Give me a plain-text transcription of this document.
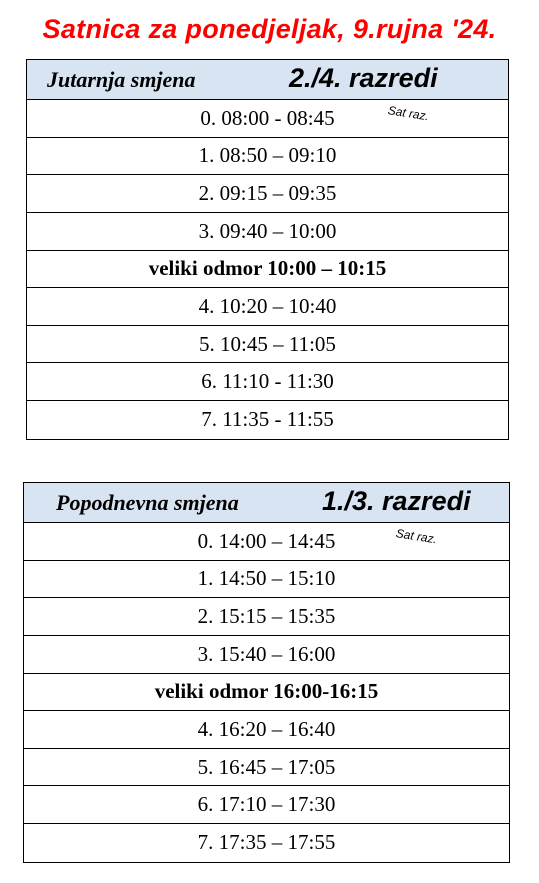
Satnica za ponedjeljak, 9.rujna '24.
Jutarnja smjena	2./4. razredi
0. 08:00 - 08:45	Sat raz.
1. 08:50 – 09:10
2. 09:15 – 09:35
3. 09:40 – 10:00
veliki odmor 10:00 – 10:15
4. 10:20 – 10:40
5. 10:45 – 11:05
6. 11:10 - 11:30
7. 11:35 - 11:55
Popodnevna smjena	1./3. razredi
0. 14:00 – 14:45	Sat raz.
1. 14:50 – 15:10
2. 15:15 – 15:35
3. 15:40 – 16:00
veliki odmor 16:00-16:15
4. 16:20 – 16:40
5. 16:45 – 17:05
6. 17:10 – 17:30
7. 17:35 – 17:55
